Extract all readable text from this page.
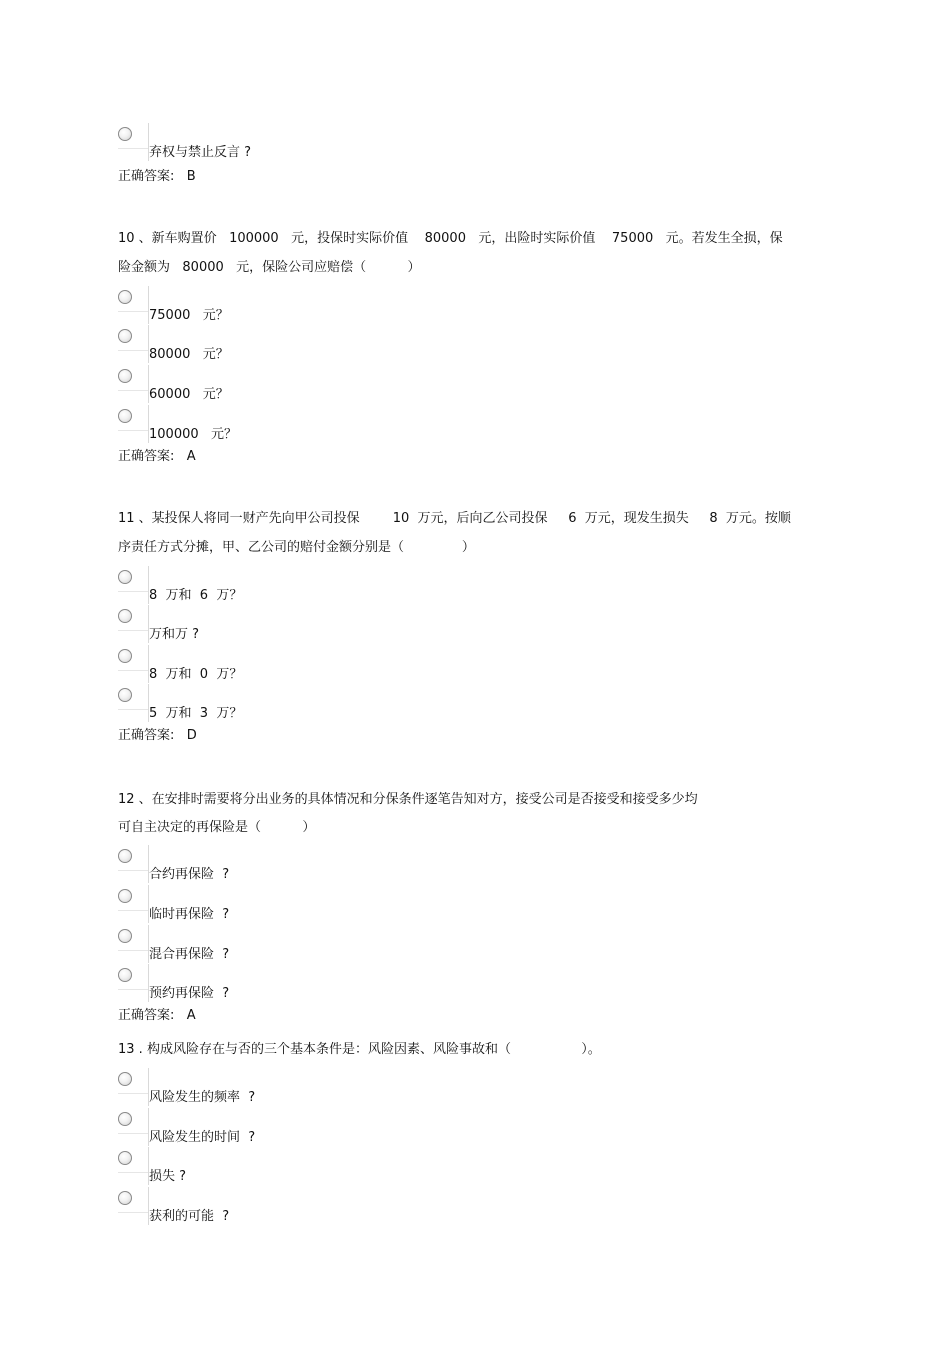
弃权与禁止反言 ?
正确答案:   B
10 、新车购置价   100000   元，投保时实际价值    80000   元，出险时实际价值    75000   元。若发生全损，保
险金额为   80000   元，保险公司应赔偿（          ）
75000   元？
80000   元？
60000   元？
100000   元？
正确答案:   A
11 、某投保人将同一财产先向甲公司投保        10  万元，后向乙公司投保     6  万元，现发生损失     8  万元。按顺
序责任方式分摊，甲、乙公司的赔付金额分别是（              ）
8  万和  6  万？
万和万 ?
8  万和  0  万？
5  万和  3  万？
正确答案:   D
12 、在安排时需要将分出业务的具体情况和分保条件逐笔告知对方，接受公司是否接受和接受多少均
可自主决定的再保险是（          ）
合约再保险  ?
临时再保险  ?
混合再保险  ?
预约再保险  ?
正确答案:   A
13 . 构成风险存在与否的三个基本条件是：风险因素、风险事故和（                 ）。
风险发生的频率  ?
风险发生的时间  ?
损失 ?
获利的可能  ?
